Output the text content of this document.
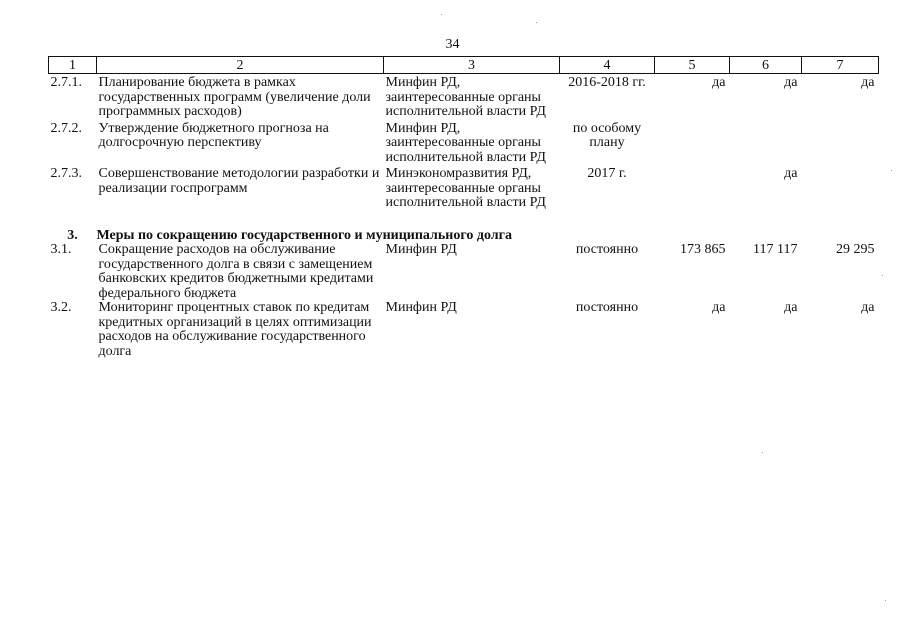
34
1	2	3	4	5	6	7
2.7.1.	Планирование бюджета в рамках государственных программ (увеличение доли программных расходов)	Минфин РД, заинтересованные органы исполнительной власти РД	2016-2018 гг.	да	да	да
2.7.2.	Утверждение бюджетного прогноза на долгосрочную перспективу	Минфин РД, заинтересованные органы исполнительной власти РД	по особому плану			
2.7.3.	Совершенствование методологии разработки и реализации госпрограмм	Минэкономразвития РД, заинтересованные органы исполнительной власти РД	2017 г.		да	
3.	Меры по сокращению государственного и муниципального долга					
3.1.	Сокращение расходов на обслуживание государственного долга в связи с замещением банковских кредитов бюджетными кредитами федерального бюджета	Минфин РД	постоянно	173 865	117 117	29 295
3.2.	Мониторинг процентных ставок по кредитам кредитных организаций в целях оптимизации расходов на обслуживание государственного долга	Минфин РД	постоянно	да	да	да
